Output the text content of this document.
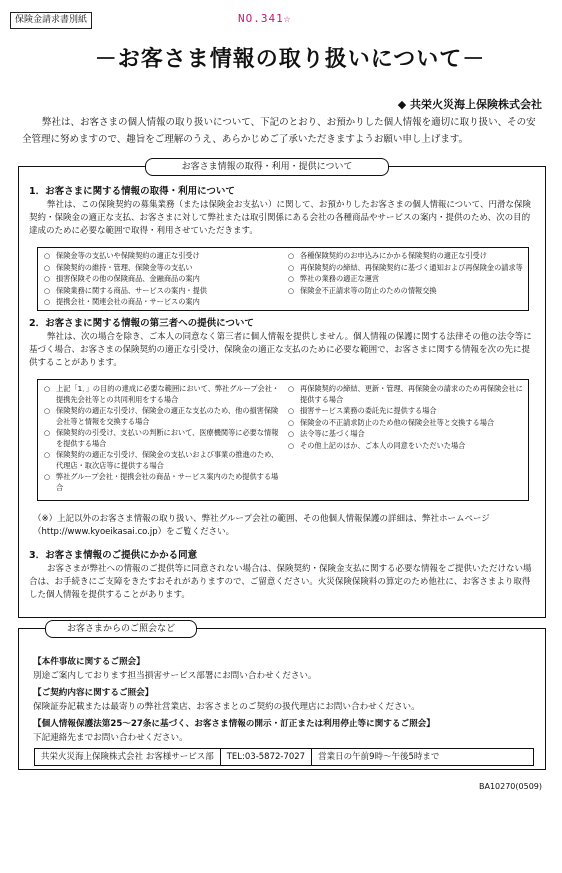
保険金請求書別紙	NO.341☆
－お客さま情報の取り扱いについて－
◆ 共栄火災海上保険株式会社
弊社は、お客さまの個人情報の取り扱いについて、下記のとおり、お預かりした個人情報を適切に取り扱い、その安全管理に努めますので、趣旨をご理解のうえ、あらかじめご了承いただきますようお願い申し上げます。
1．お客さまに関する情報の取得・利用について
弊社は、この保険契約の募集業務（または保険金お支払い）に関して、お預かりしたお客さまの個人情報について、円滑な保険契約・保険金の適正な支払、お客さまに対して弊社または取引関係にある会社の各種商品やサービスの案内・提供のため、次の目的達成のために必要な範囲で取得・利用させていただきます。
○ 保険金等の支払いや保険契約の適正な引受け
○ 保険契約の維持・管理、保険金等の支払い
○ 損害保険その他の保険商品、金融商品の案内
○ 保険業務に関する商品、サービスの案内・提供
○ 提携会社・関連会社の商品・サービスの案内
○ 各種保険契約のお申込みにかかる保険契約の適正な引受け
○ 再保険契約の締結、再保険契約に基づく通知および再保険金の請求等
○ 弊社の業務の適正な運営
○ 保険金不正請求等の防止のための情報交換
2．お客さまに関する情報の第三者への提供について
弊社は、次の場合を除き、ご本人の同意なく第三者に個人情報を提供しません。個人情報の保護に関する法律その他の法令等に基づく場合、お客さまの保険契約の適正な引受け、保険金の適正な支払のために必要な範囲で、お客さまに関する情報を次の先に提供することがあります。
○ 上記「1．」の目的の達成に必要な範囲において、弊社グループ会社・提携先会社等との共同利用をする場合
○ 保険契約の適正な引受け、保険金の適正な支払のため、他の損害保険会社等と情報を交換する場合
○ 保険契約の引受け、支払いの判断において、医療機関等に必要な情報を提供する場合
○ 保険契約の適正な引受け、保険金の支払いおよび事業の推進のため、代理店・取次店等に提供する場合
○ 弊社グループ会社・提携会社の商品・サービス案内のため提供する場合
○ 再保険契約の締結、更新・管理、再保険金の請求のため再保険会社に提供する場合
○ 損害サービス業務の委託先に提供する場合
○ 保険金の不正請求防止のため他の保険会社等と交換する場合
○ 法令等に基づく場合
○ その他上記のほか、ご本人の同意をいただいた場合
（※）上記以外のお客さま情報の取り扱い、弊社グループ会社の範囲、その他個人情報保護の詳細は、弊社ホームページ（http://www.kyoeikasai.co.jp）をご覧ください。
3．お客さま情報のご提供にかかる同意
お客さまが弊社への情報のご提供等に同意されない場合は、保険契約・保険金支払に関する必要な情報をご提供いただけない場合は、お手続きにご支障をきたすおそれがありますので、ご留意ください。火災保険保険料の算定のため他社に、お客さまより取得した個人情報を提供することがあります。
お客さま情報の取得・利用・提供について
【本件事故に関するご照会】
別途ご案内しております担当損害サービス部署にお問い合わせください。
【ご契約内容に関するご照会】
保険証券記載または最寄りの弊社営業店、お客さまとのご契約の扱代理店にお問い合わせください。
【個人情報保護法第25～27条に基づく、お客さま情報の開示・訂正または利用停止等に関するご照会】
下記連絡先までお問い合わせください。
お客さまからのご照会など
共栄火災海上保険株式会社 お客様サービス部	TEL:03-5872-7027	営業日の午前9時〜午後5時まで
BA10270(0509)
